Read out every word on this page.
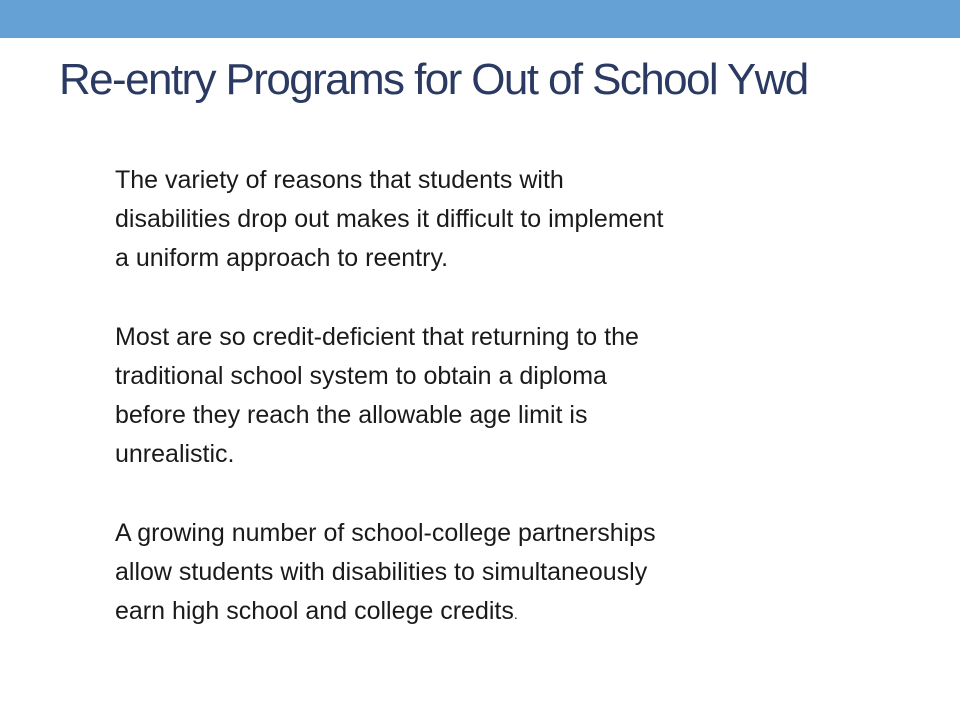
Re-entry Programs for Out of School Ywd

The variety of reasons that students with
disabilities drop out makes it difficult to implement
a uniform approach to reentry.

Most are so credit-deficient that returning to the
traditional school system to obtain a diploma
before they reach the allowable age limit is
unrealistic.

A growing number of school-college partnerships
allow students with disabilities to simultaneously
earn high school and college credits.
